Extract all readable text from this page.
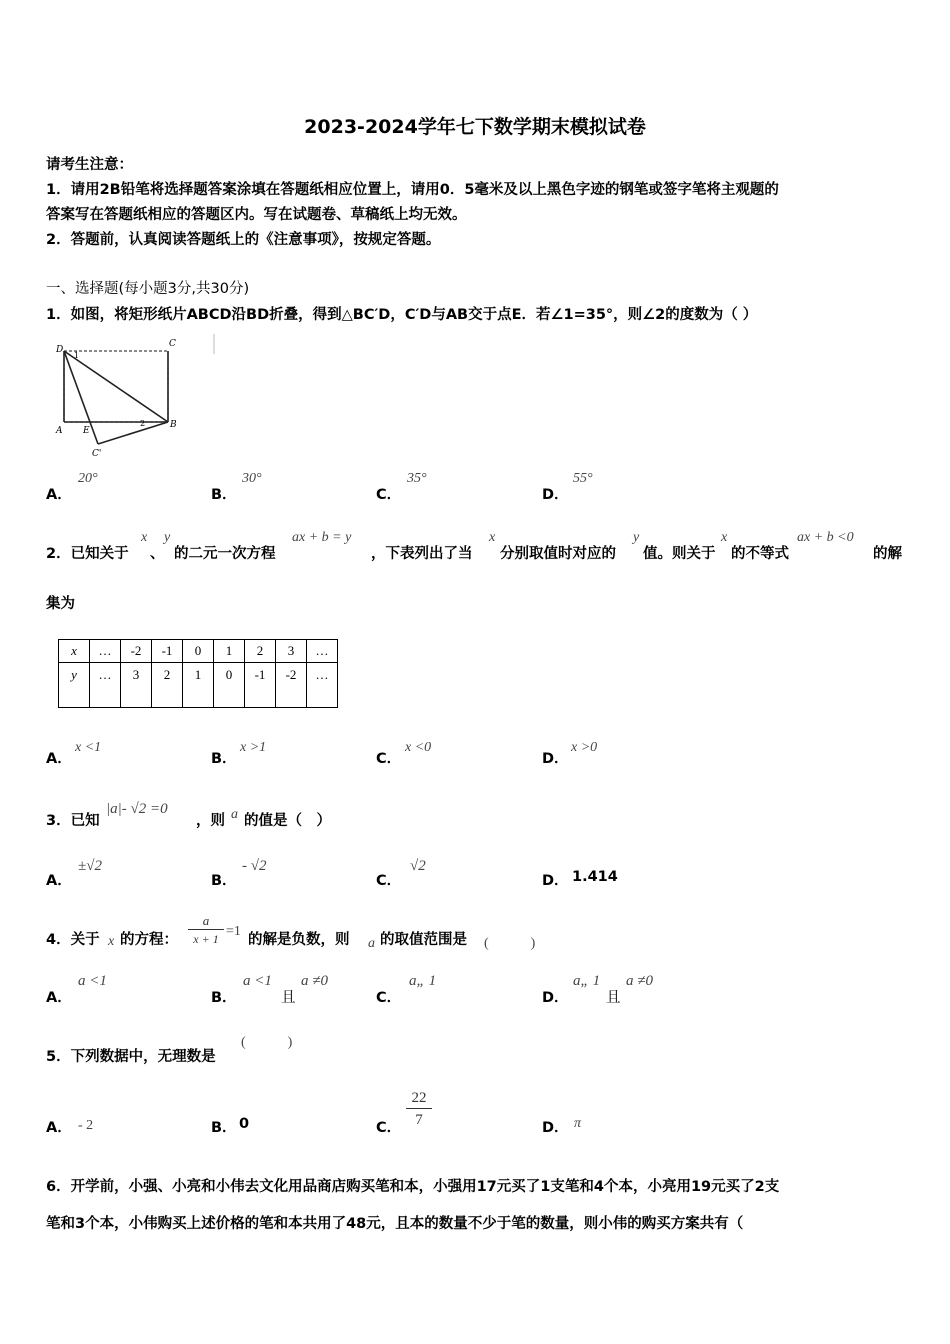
2023-2024学年七下数学期末模拟试卷
请考生注意：
1．请用2B铅笔将选择题答案涂填在答题纸相应位置上，请用0．5毫米及以上黑色字迹的钢笔或签字笔将主观题的
答案写在答题纸相应的答题区内。写在试题卷、草稿纸上均无效。
2．答题前，认真阅读答题纸上的《注意事项》，按规定答题。
一、选择题(每小题3分,共30分)
1．如图，将矩形纸片ABCD沿BD折叠，得到△BC′D，C′D与AB交于点E．若∠1=35°，则∠2的度数为（ ）
D
C
A E
B
C'
1
2
A．
20°
B．
30°
C．
35°
D．
55°
2．已知关于
x
、
y
的二元一次方程
ax + b = y
，下表列出了当
x
分别取值时对应的
y
值。则关于
x
的不等式
ax + b <0
的解
集为
x	…	-2	-1	0	1	2	3	…
y	…	3	2	1	0	-1	-2	…
A．
x <1
B．
x >1
C．
x <0
D．
x >0
3．已知
|a|- √2 =0
，则 a 的值是（　）
A．
±√2
B．
- √2
C．
√2
D． 1.414
4．关于 x 的方程： $\frac{a}{x + 1} =1$
的解是负数，则 a 的取值范围是 (　　　)
A．
a <1
B．
a <1
且
a ≠0
C．
a„ 1
D．
a„ 1
且
a ≠0
5．下列数据中，无理数是
(　　　)
A． - 2	B． 0	C． $\frac{22}{7}$	D． π
6．开学前，小强、小亮和小伟去文化用品商店购买笔和本，小强用17元买了1支笔和4个本，小亮用19元买了2支
笔和3个本，小伟购买上述价格的笔和本共用了48元，且本的数量不少于笔的数量，则小伟的购买方案共有（
